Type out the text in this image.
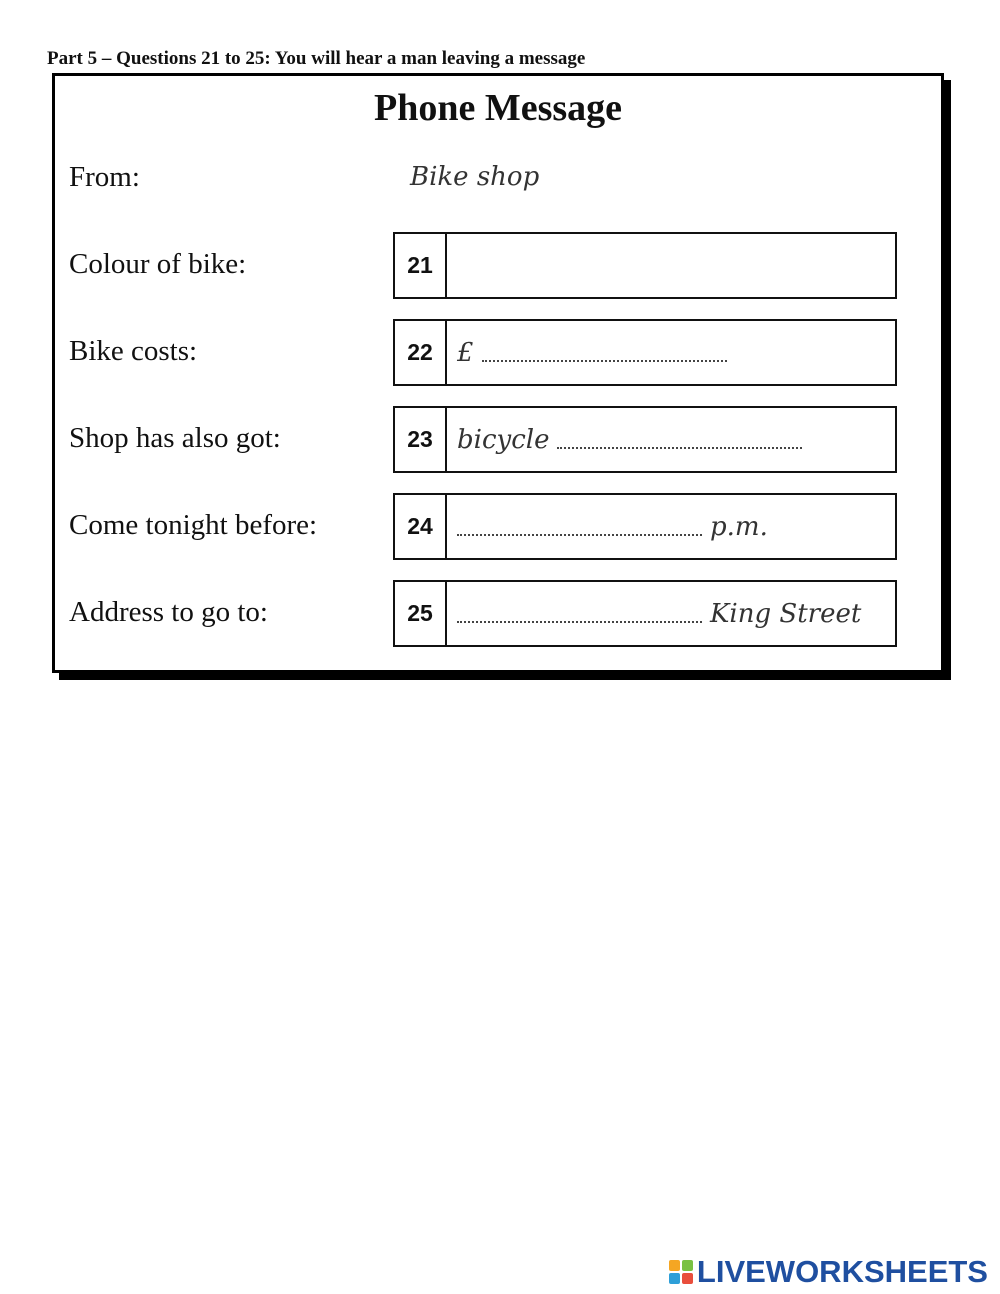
Part 5 – Questions 21 to 25: You will hear a man leaving a message
Phone Message
From:	Bike shop
Colour of bike:	21
Bike costs:	22 £
Shop has also got:	23 bicycle
Come tonight before:	24	p.m.
Address to go to:	25	King Street
LIVEWORKSHEETS
